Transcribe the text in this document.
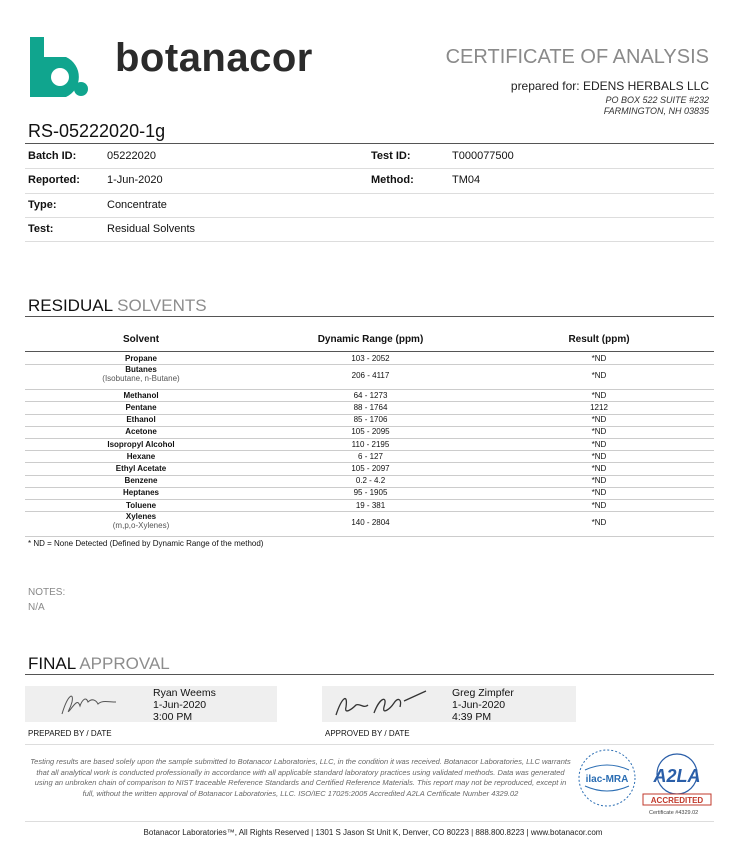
botanacor	CERTIFICATE OF ANALYSIS
prepared for: EDENS HERBALS LLC
PO BOX 522 SUITE #232
FARMINGTON, NH 03835
RS-05222020-1g
Batch ID:	05222020	Test ID:	T000077500
Reported: 1-Jun-2020	Method:	TM04
Type:	Concentrate
Test:	Residual Solvents
RESIDUAL SOLVENTS
Solvent	Dynamic Range (ppm)	Result (ppm)
Propane	103 - 2052	*ND
Butanes
(Isobutane, n-Butane)	206 - 4117	*ND
Methanol	64 - 1273	*ND
Pentane	88 - 1764	1212
Ethanol	85 - 1706	*ND
Acetone	105 - 2095	*ND
Isopropyl Alcohol	110 - 2195	*ND
Hexane	6 - 127	*ND
Ethyl Acetate	105 - 2097	*ND
Benzene	0.2 - 4.2	*ND
Heptanes	95 - 1905	*ND
Toluene	19 - 381	*ND
Xylenes
(m,p,o-Xylenes)	140 - 2804	*ND
* ND = None Detected (Defined by Dynamic Range of the method)
NOTES:
N/A
FINAL APPROVAL
Ryan Weems
1-Jun-2020
3:00 PM
PREPARED BY / DATE
Greg Zimpfer
1-Jun-2020
4:39 PM
APPROVED BY / DATE
Testing results are based solely upon the sample submitted to Botanacor Laboratories, LLC, in the condition it was received. Botanacor Laboratories, LLC warrants that all analytical work is conducted professionally in accordance with all applicable standard laboratory practices using validated methods. Data was generated using an unbroken chain of comparison to NIST traceable Reference Standards and Certified Reference Materials. This report may not be reproduced, except in full, without the written approval of Botanacor Laboratories, LLC. ISO/IEC 17025:2005 Accredited A2LA Certificate Number 4329.02
ilac-MRA A2LA
ACCREDITED
Certificate #4329.02
Botanacor Laboratories™, All Rights Reserved | 1301 S Jason St Unit K, Denver, CO 80223 | 888.800.8223 | www.botanacor.com
